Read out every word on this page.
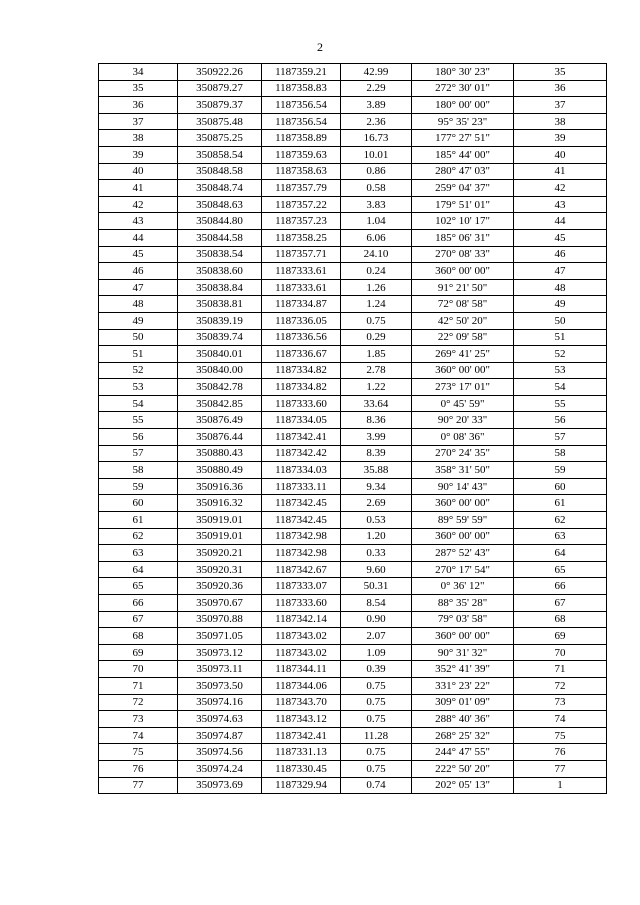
2
34	350922.26	1187359.21	42.99	180° 30' 23"	35
35	350879.27	1187358.83	2.29	272° 30' 01"	36
36	350879.37	1187356.54	3.89	180° 00' 00"	37
37	350875.48	1187356.54	2.36	95° 35' 23"	38
38	350875.25	1187358.89	16.73	177° 27' 51"	39
39	350858.54	1187359.63	10.01	185° 44' 00"	40
40	350848.58	1187358.63	0.86	280° 47' 03"	41
41	350848.74	1187357.79	0.58	259° 04' 37"	42
42	350848.63	1187357.22	3.83	179° 51' 01"	43
43	350844.80	1187357.23	1.04	102° 10' 17"	44
44	350844.58	1187358.25	6.06	185° 06' 31"	45
45	350838.54	1187357.71	24.10	270° 08' 33"	46
46	350838.60	1187333.61	0.24	360° 00' 00"	47
47	350838.84	1187333.61	1.26	91° 21' 50"	48
48	350838.81	1187334.87	1.24	72° 08' 58"	49
49	350839.19	1187336.05	0.75	42° 50' 20"	50
50	350839.74	1187336.56	0.29	22° 09' 58"	51
51	350840.01	1187336.67	1.85	269° 41' 25"	52
52	350840.00	1187334.82	2.78	360° 00' 00"	53
53	350842.78	1187334.82	1.22	273° 17' 01"	54
54	350842.85	1187333.60	33.64	0° 45' 59"	55
55	350876.49	1187334.05	8.36	90° 20' 33"	56
56	350876.44	1187342.41	3.99	0° 08' 36"	57
57	350880.43	1187342.42	8.39	270° 24' 35"	58
58	350880.49	1187334.03	35.88	358° 31' 50"	59
59	350916.36	1187333.11	9.34	90° 14' 43"	60
60	350916.32	1187342.45	2.69	360° 00' 00"	61
61	350919.01	1187342.45	0.53	89° 59' 59"	62
62	350919.01	1187342.98	1.20	360° 00' 00"	63
63	350920.21	1187342.98	0.33	287° 52' 43"	64
64	350920.31	1187342.67	9.60	270° 17' 54"	65
65	350920.36	1187333.07	50.31	0° 36' 12"	66
66	350970.67	1187333.60	8.54	88° 35' 28"	67
67	350970.88	1187342.14	0.90	79° 03' 58"	68
68	350971.05	1187343.02	2.07	360° 00' 00"	69
69	350973.12	1187343.02	1.09	90° 31' 32"	70
70	350973.11	1187344.11	0.39	352° 41' 39"	71
71	350973.50	1187344.06	0.75	331° 23' 22"	72
72	350974.16	1187343.70	0.75	309° 01' 09"	73
73	350974.63	1187343.12	0.75	288° 40' 36"	74
74	350974.87	1187342.41	11.28	268° 25' 32"	75
75	350974.56	1187331.13	0.75	244° 47' 55"	76
76	350974.24	1187330.45	0.75	222° 50' 20"	77
77	350973.69	1187329.94	0.74	202° 05' 13"	1
